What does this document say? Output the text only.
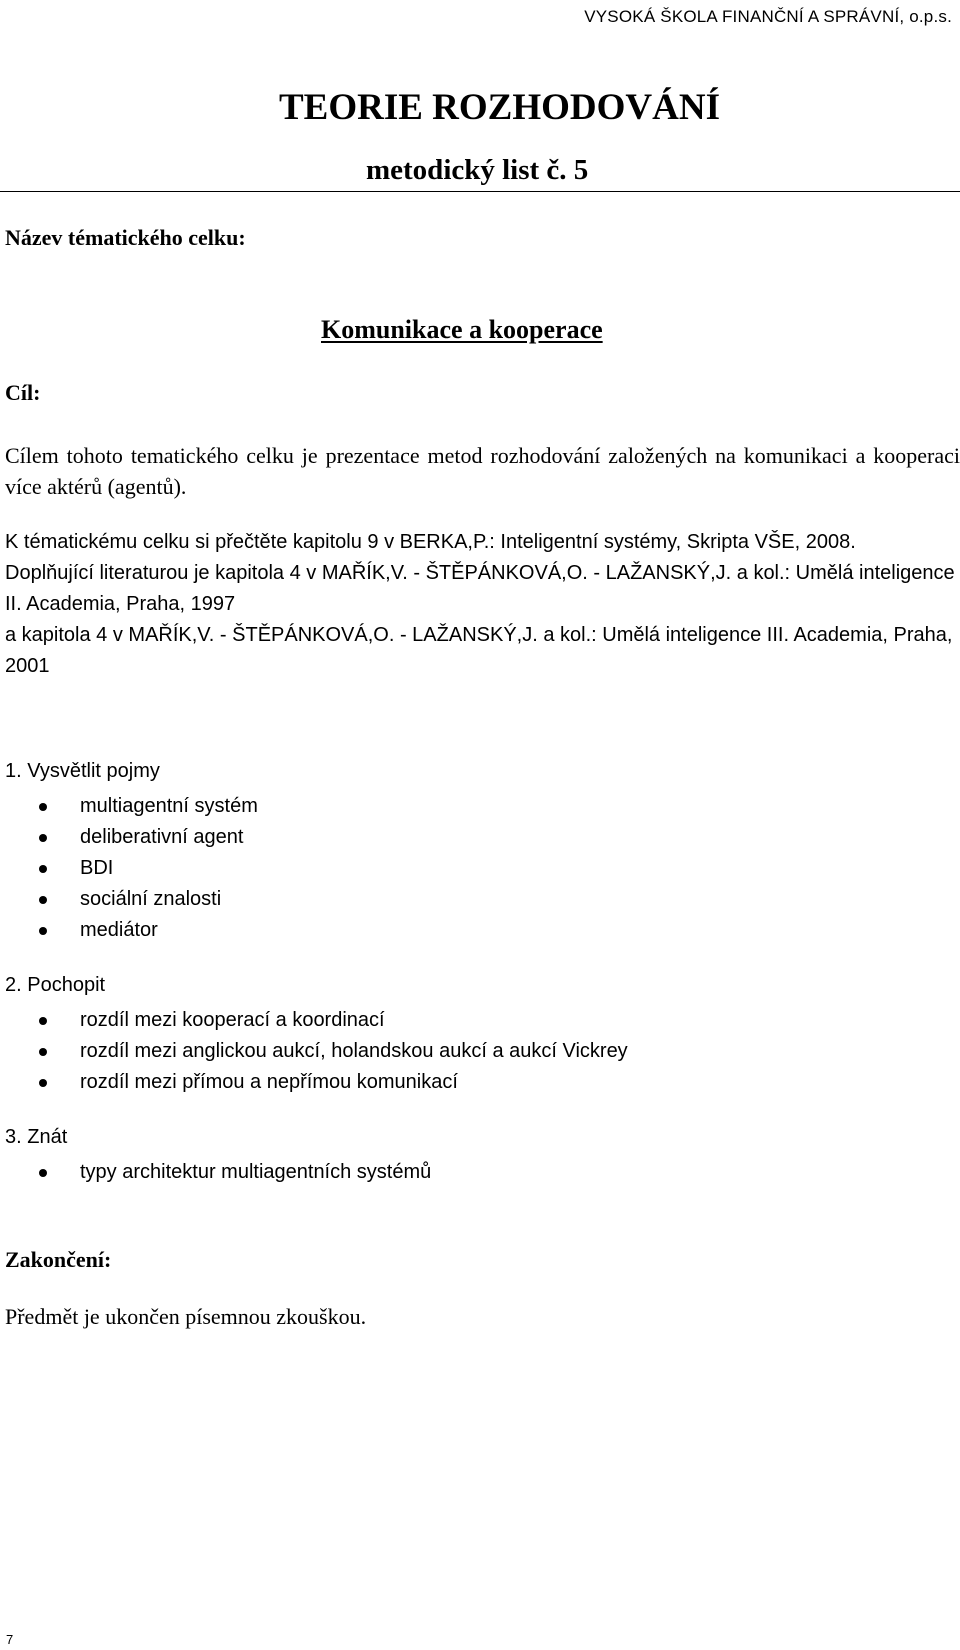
VYSOKÁ ŠKOLA FINANČNÍ A SPRÁVNÍ, o.p.s.
TEORIE ROZHODOVÁNÍ
metodický list č. 5
Název tématického celku:
Komunikace a kooperace
Cíl:
Cílem tohoto tematického celku je prezentace metod rozhodování založených na komunikaci a kooperaci více aktérů (agentů).
K tématickému celku si přečtěte kapitolu 9 v BERKA,P.: Inteligentní systémy, Skripta VŠE, 2008.
Doplňující literaturou je kapitola 4 v MAŘÍK,V. - ŠTĚPÁNKOVÁ,O. - LAŽANSKÝ,J. a kol.: Umělá inteligence II. Academia, Praha, 1997
a kapitola 4 v MAŘÍK,V. - ŠTĚPÁNKOVÁ,O. - LAŽANSKÝ,J. a kol.: Umělá inteligence III. Academia, Praha, 2001
1. Vysvětlit pojmy
multiagentní systém
deliberativní agent
BDI
sociální znalosti
mediátor
2. Pochopit
rozdíl mezi kooperací a koordinací
rozdíl mezi anglickou aukcí, holandskou aukcí a aukcí Vickrey
rozdíl mezi přímou a nepřímou komunikací
3. Znát
typy architektur multiagentních systémů
Zakončení:
Předmět je ukončen písemnou zkouškou.
7
